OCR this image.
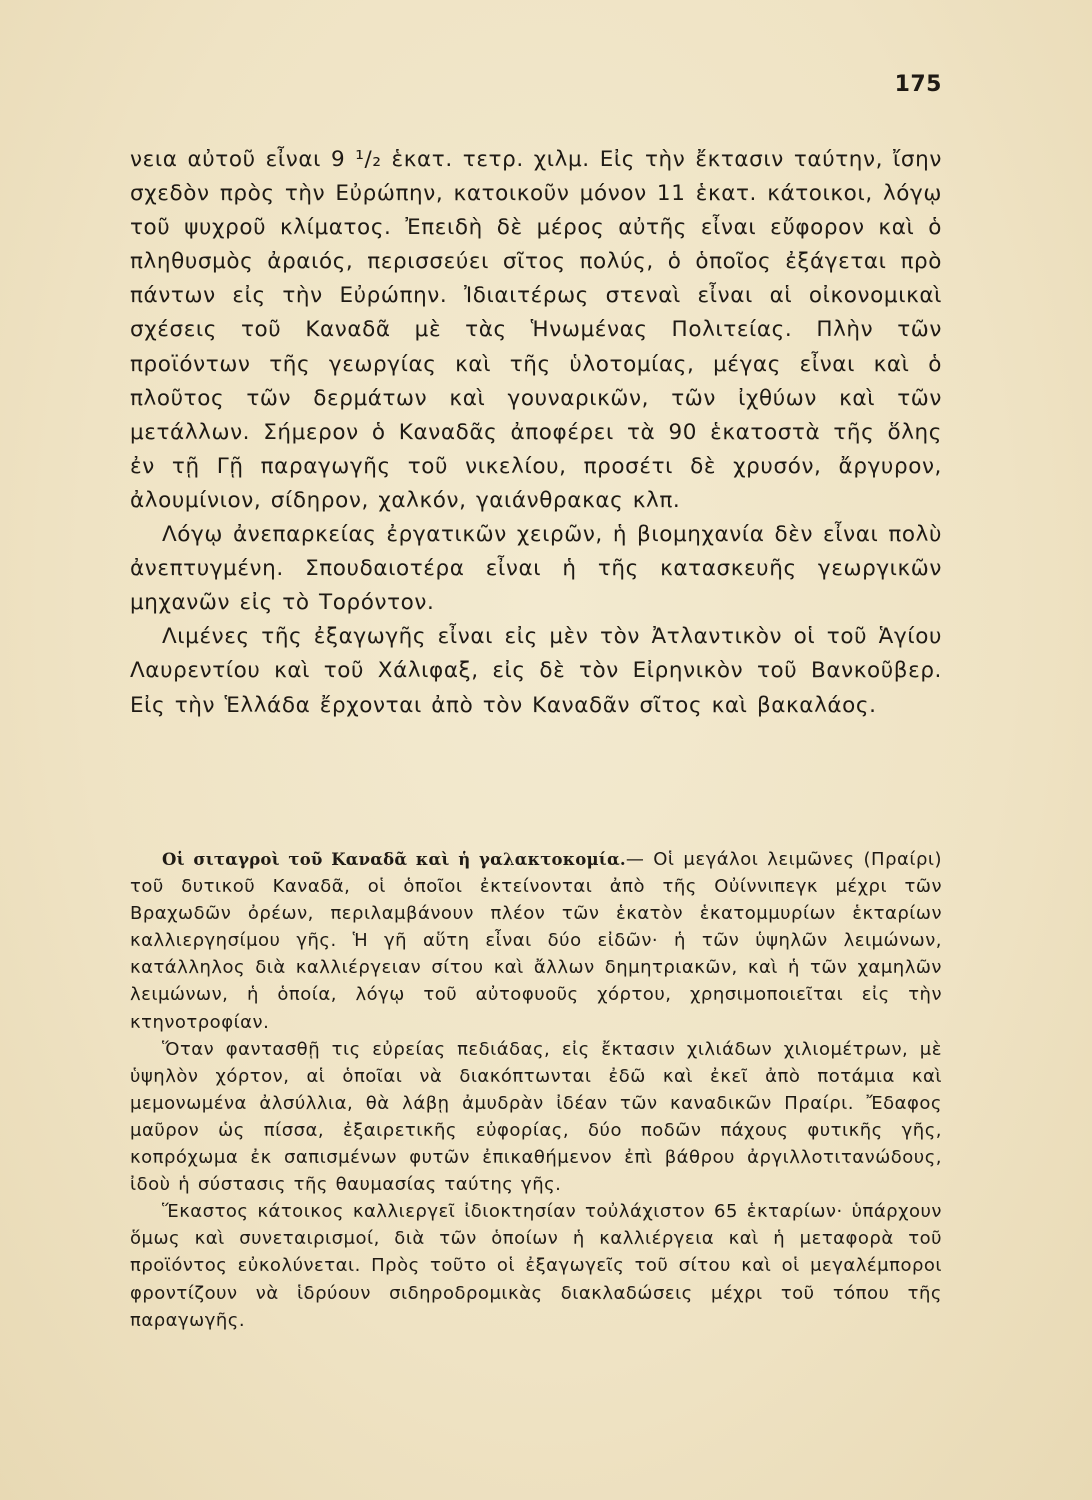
175

νεια αὐτοῦ εἶναι 9 ¹/₂ ἑκατ. τετρ. χιλμ. Εἰς τὴν ἔκτασιν ταύτην, ἴσην σχεδὸν πρὸς τὴν Εὐρώπην, κατοικοῦν μόνον 11 ἑκατ. κάτοικοι, λόγῳ τοῦ ψυχροῦ κλίματος. Ἐπειδὴ δὲ μέρος αὐτῆς εἶναι εὔφορον καὶ ὁ πληθυσμὸς ἀραιός, περισσεύει σῖτος πολύς, ὁ ὁποῖος ἐξάγεται πρὸ πάντων εἰς τὴν Εὐρώπην. Ἰδιαιτέρως στεναὶ εἶναι αἱ οἰκονομικαὶ σχέσεις τοῦ Καναδᾶ μὲ τὰς Ἡνωμένας Πολιτείας. Πλὴν τῶν προϊόντων τῆς γεωργίας καὶ τῆς ὑλοτομίας, μέγας εἶναι καὶ ὁ πλοῦτος τῶν δερμάτων καὶ γουναρικῶν, τῶν ἰχθύων καὶ τῶν μετάλλων. Σήμερον ὁ Καναδᾶς ἀποφέρει τὰ 90 ἑκατοστὰ τῆς ὅλης ἐν τῇ Γῇ παραγωγῆς τοῦ νικελίου, προσέτι δὲ χρυσόν, ἄργυρον, ἀλουμίνιον, σίδηρον, χαλκόν, γαιάνθρακας κλπ.

Λόγῳ ἀνεπαρκείας ἐργατικῶν χειρῶν, ἡ βιομηχανία δὲν εἶναι πολὺ ἀνεπτυγμένη. Σπουδαιοτέρα εἶναι ἡ τῆς κατασκευῆς γεωργικῶν μηχανῶν εἰς τὸ Τορόντον.

Λιμένες τῆς ἐξαγωγῆς εἶναι εἰς μὲν τὸν Ἀτλαντικὸν οἱ τοῦ Ἁγίου Λαυρεντίου καὶ τοῦ Χάλιφαξ, εἰς δὲ τὸν Εἰρηνικὸν τοῦ Βανκοῦβερ. Εἰς τὴν Ἑλλάδα ἔρχονται ἀπὸ τὸν Καναδᾶν σῖτος καὶ βακαλάος.

Οἱ σιταγροὶ τοῦ Καναδᾶ καὶ ἡ γαλακτοκομία.— Οἱ μεγάλοι λειμῶνες (Πραίρι) τοῦ δυτικοῦ Καναδᾶ, οἱ ὁποῖοι ἐκτείνονται ἀπὸ τῆς Οὐίννιπεγκ μέχρι τῶν Βραχωδῶν ὀρέων, περιλαμβάνουν πλέον τῶν ἑκατὸν ἑκατομμυρίων ἑκταρίων καλλιεργησίμου γῆς. Ἡ γῆ αὕτη εἶναι δύο εἰδῶν· ἡ τῶν ὑψηλῶν λειμώνων, κατάλληλος διὰ καλλιέργειαν σίτου καὶ ἄλλων δημητριακῶν, καὶ ἡ τῶν χαμηλῶν λειμώνων, ἡ ὁποία, λόγῳ τοῦ αὐτοφυοῦς χόρτου, χρησιμοποιεῖται εἰς τὴν κτηνοτροφίαν.

Ὅταν φαντασθῇ τις εὐρείας πεδιάδας, εἰς ἔκτασιν χιλιάδων χιλιομέτρων, μὲ ὑψηλὸν χόρτον, αἱ ὁποῖαι νὰ διακόπτωνται ἐδῶ καὶ ἐκεῖ ἀπὸ ποτάμια καὶ μεμονωμένα ἀλσύλλια, θὰ λάβῃ ἀμυδρὰν ἰδέαν τῶν καναδικῶν Πραίρι. Ἔδαφος μαῦρον ὡς πίσσα, ἐξαιρετικῆς εὐφορίας, δύο ποδῶν πάχους φυτικῆς γῆς, κοπρόχωμα ἐκ σαπισμένων φυτῶν ἐπικαθήμενον ἐπὶ βάθρου ἀργιλλοτιτανώδους, ἰδοὺ ἡ σύστασις τῆς θαυμασίας ταύτης γῆς.

Ἕκαστος κάτοικος καλλιεργεῖ ἰδιοκτησίαν τοὐλάχιστον 65 ἑκταρίων· ὑπάρχουν ὅμως καὶ συνεταιρισμοί, διὰ τῶν ὁποίων ἡ καλλιέργεια καὶ ἡ μεταφορὰ τοῦ προϊόντος εὐκολύνεται. Πρὸς τοῦτο οἱ ἐξαγωγεῖς τοῦ σίτου καὶ οἱ μεγαλέμποροι φροντίζουν νὰ ἱδρύουν σιδηροδρομικὰς διακλαδώσεις μέχρι τοῦ τόπου τῆς παραγωγῆς.
